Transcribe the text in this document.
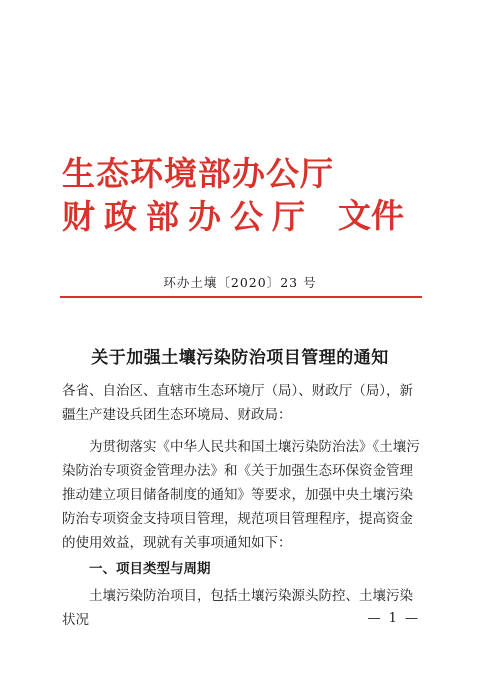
生态环境部办公厅
财政部办公厅 文件
环办土壤〔2020〕23 号
关于加强土壤污染防治项目管理的通知

各省、自治区、直辖市生态环境厅（局）、财政厅（局），新疆生产建设兵团生态环境局、财政局：

为贯彻落实《中华人民共和国土壤污染防治法》《土壤污染防治专项资金管理办法》和《关于加强生态环保资金管理 推动建立项目储备制度的通知》等要求，加强中央土壤污染防治专项资金支持项目管理，规范项目管理程序，提高资金的使用效益，现就有关事项通知如下：

一、项目类型与周期

土壤污染防治项目，包括土壤污染源头防控、土壤污染状况	— 1 —
